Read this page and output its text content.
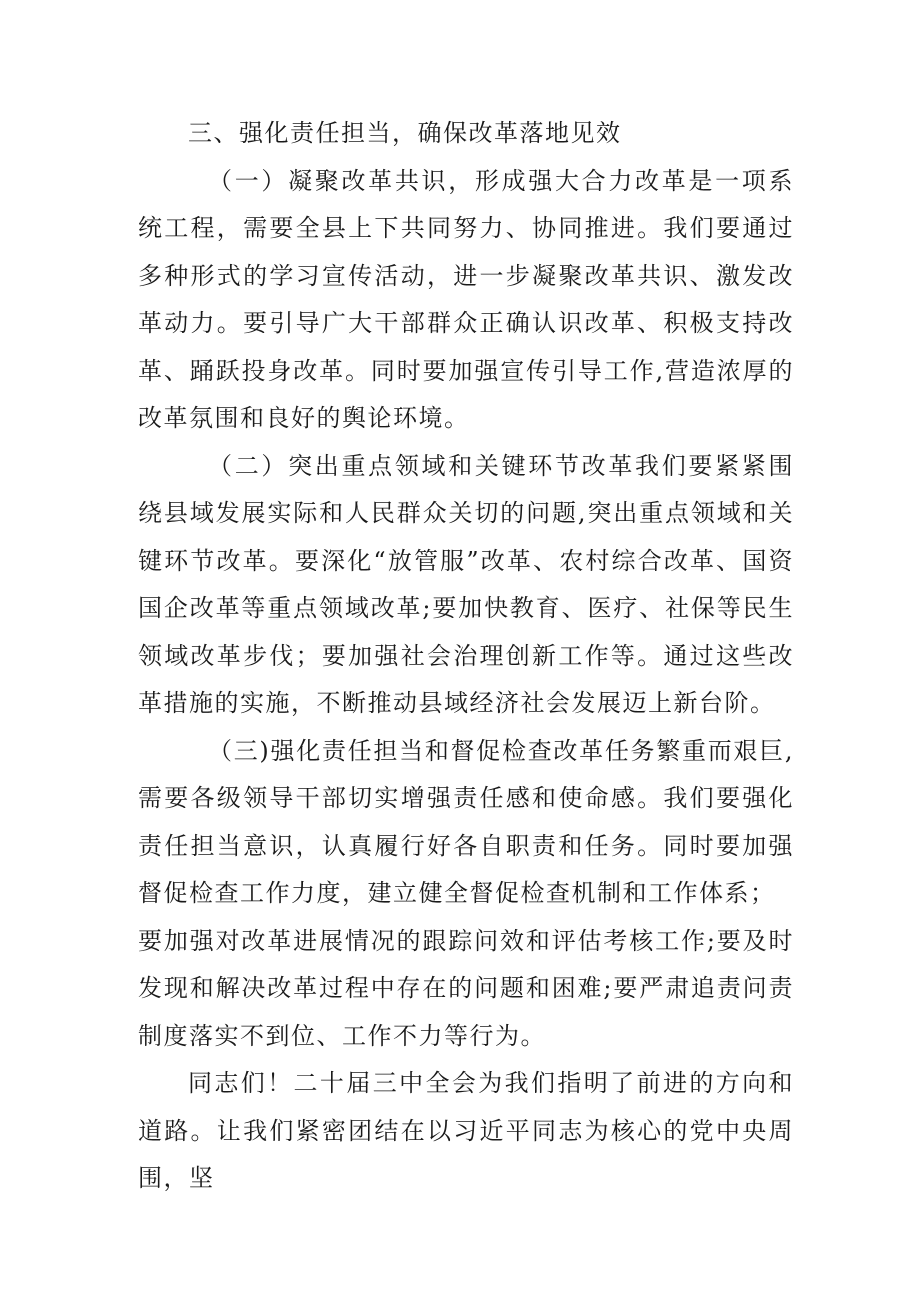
三、强化责任担当，确保改革落地见效

（一）凝聚改革共识，形成强大合力改革是一项系统工程，需要全县上下共同努力、协同推进。我们要通过多种形式的学习宣传活动，进一步凝聚改革共识、激发改革动力。要引导广大干部群众正确认识改革、积极支持改革、踊跃投身改革。同时要加强宣传引导工作,营造浓厚的改革氛围和良好的舆论环境。

（二）突出重点领域和关键环节改革我们要紧紧围绕县域发展实际和人民群众关切的问题,突出重点领域和关键环节改革。要深化“放管服”改革、农村综合改革、国资国企改革等重点领域改革;要加快教育、医疗、社保等民生领域改革步伐；要加强社会治理创新工作等。通过这些改革措施的实施，不断推动县域经济社会发展迈上新台阶。

（三)强化责任担当和督促检查改革任务繁重而艰巨,需要各级领导干部切实增强责任感和使命感。我们要强化责任担当意识，认真履行好各自职责和任务。同时要加强督促检查工作力度，建立健全督促检查机制和工作体系；

要加强对改革进展情况的跟踪问效和评估考核工作;要及时发现和解决改革过程中存在的问题和困难;要严肃追责问责制度落实不到位、工作不力等行为。

同志们！二十届三中全会为我们指明了前进的方向和道路。让我们紧密团结在以习近平同志为核心的党中央周围，坚
